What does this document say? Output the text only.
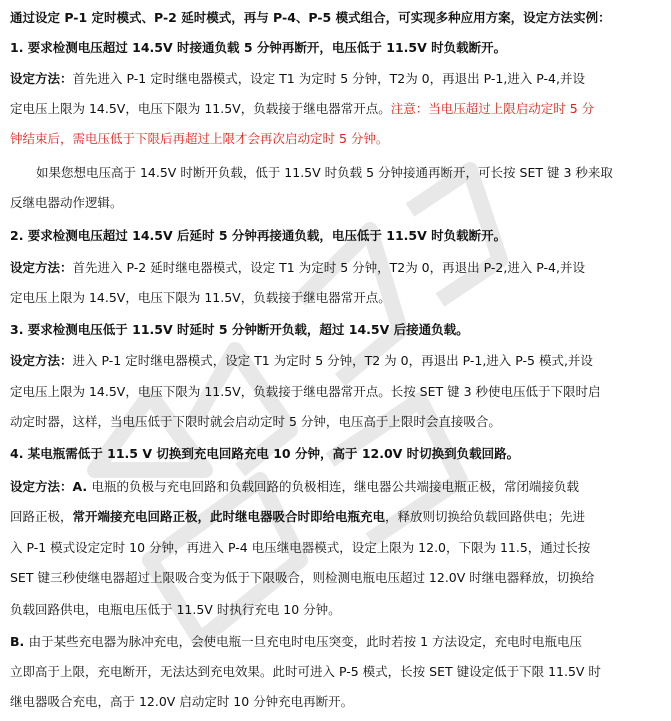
通过设定 P-1 定时模式、P-2 延时模式，再与 P-4、P-5 模式组合，可实现多种应用方案，设定方法实例：
1. 要求检测电压超过 14.5V 时接通负载 5 分钟再断开，电压低于 11.5V 时负载断开。
设定方法：首先进入 P-1 定时继电器模式，设定 T1 为定时 5 分钟，T2为 0，再退出 P-1,进入 P-4,并设
定电压上限为 14.5V，电压下限为 11.5V，负载接于继电器常开点。注意：当电压超过上限启动定时 5 分
钟结束后，需电压低于下限后再超过上限才会再次启动定时 5 分钟。
如果您想电压高于 14.5V 时断开负载，低于 11.5V 时负载 5 分钟接通再断开，可长按 SET 键 3 秒来取
反继电器动作逻辑。
2. 要求检测电压超过 14.5V 后延时 5 分钟再接通负载，电压低于 11.5V 时负载断开。
设定方法：首先进入 P-2 延时继电器模式，设定 T1 为定时 5 分钟，T2为 0，再退出 P-2,进入 P-4,并设
定电压上限为 14.5V，电压下限为 11.5V，负载接于继电器常开点。
3. 要求检测电压低于 11.5V 时延时 5 分钟断开负载，超过 14.5V 后接通负载。
设定方法：进入 P-1 定时继电器模式，设定 T1 为定时 5 分钟，T2 为 0，再退出 P-1,进入 P-5 模式,并设
定电压上限为 14.5V，电压下限为 11.5V，负载接于继电器常开点。长按 SET 键 3 秒使电压低于下限时启
动定时器，这样，当电压低于下限时就会启动定时 5 分钟，电压高于上限时会直接吸合。
4. 某电瓶需低于 11.5 V 切换到充电回路充电 10 分钟，高于 12.0V 时切换到负载回路。
设定方法：A. 电瓶的负极与充电回路和负载回路的负极相连，继电器公共端接电瓶正极，常闭端接负载
回路正极，常开端接充电回路正极，此时继电器吸合时即给电瓶充电，释放则切换给负载回路供电；先进
入 P-1 模式设定定时 10 分钟，再进入 P-4 电压继电器模式，设定上限为 12.0，下限为 11.5，通过长按
SET 键三秒使继电器超过上限吸合变为低于下限吸合，则检测电瓶电压超过 12.0V 时继电器释放，切换给
负载回路供电，电瓶电压低于 11.5V 时执行充电 10 分钟。
B. 由于某些充电器为脉冲充电，会使电瓶一旦充电时电压突变，此时若按 1 方法设定，充电时电瓶电压
立即高于上限，充电断开，无法达到充电效果。此时可进入 P-5 模式，长按 SET 键设定低于下限 11.5V 时
继电器吸合充电，高于 12.0V 启动定时 10 分钟充电再断开。
